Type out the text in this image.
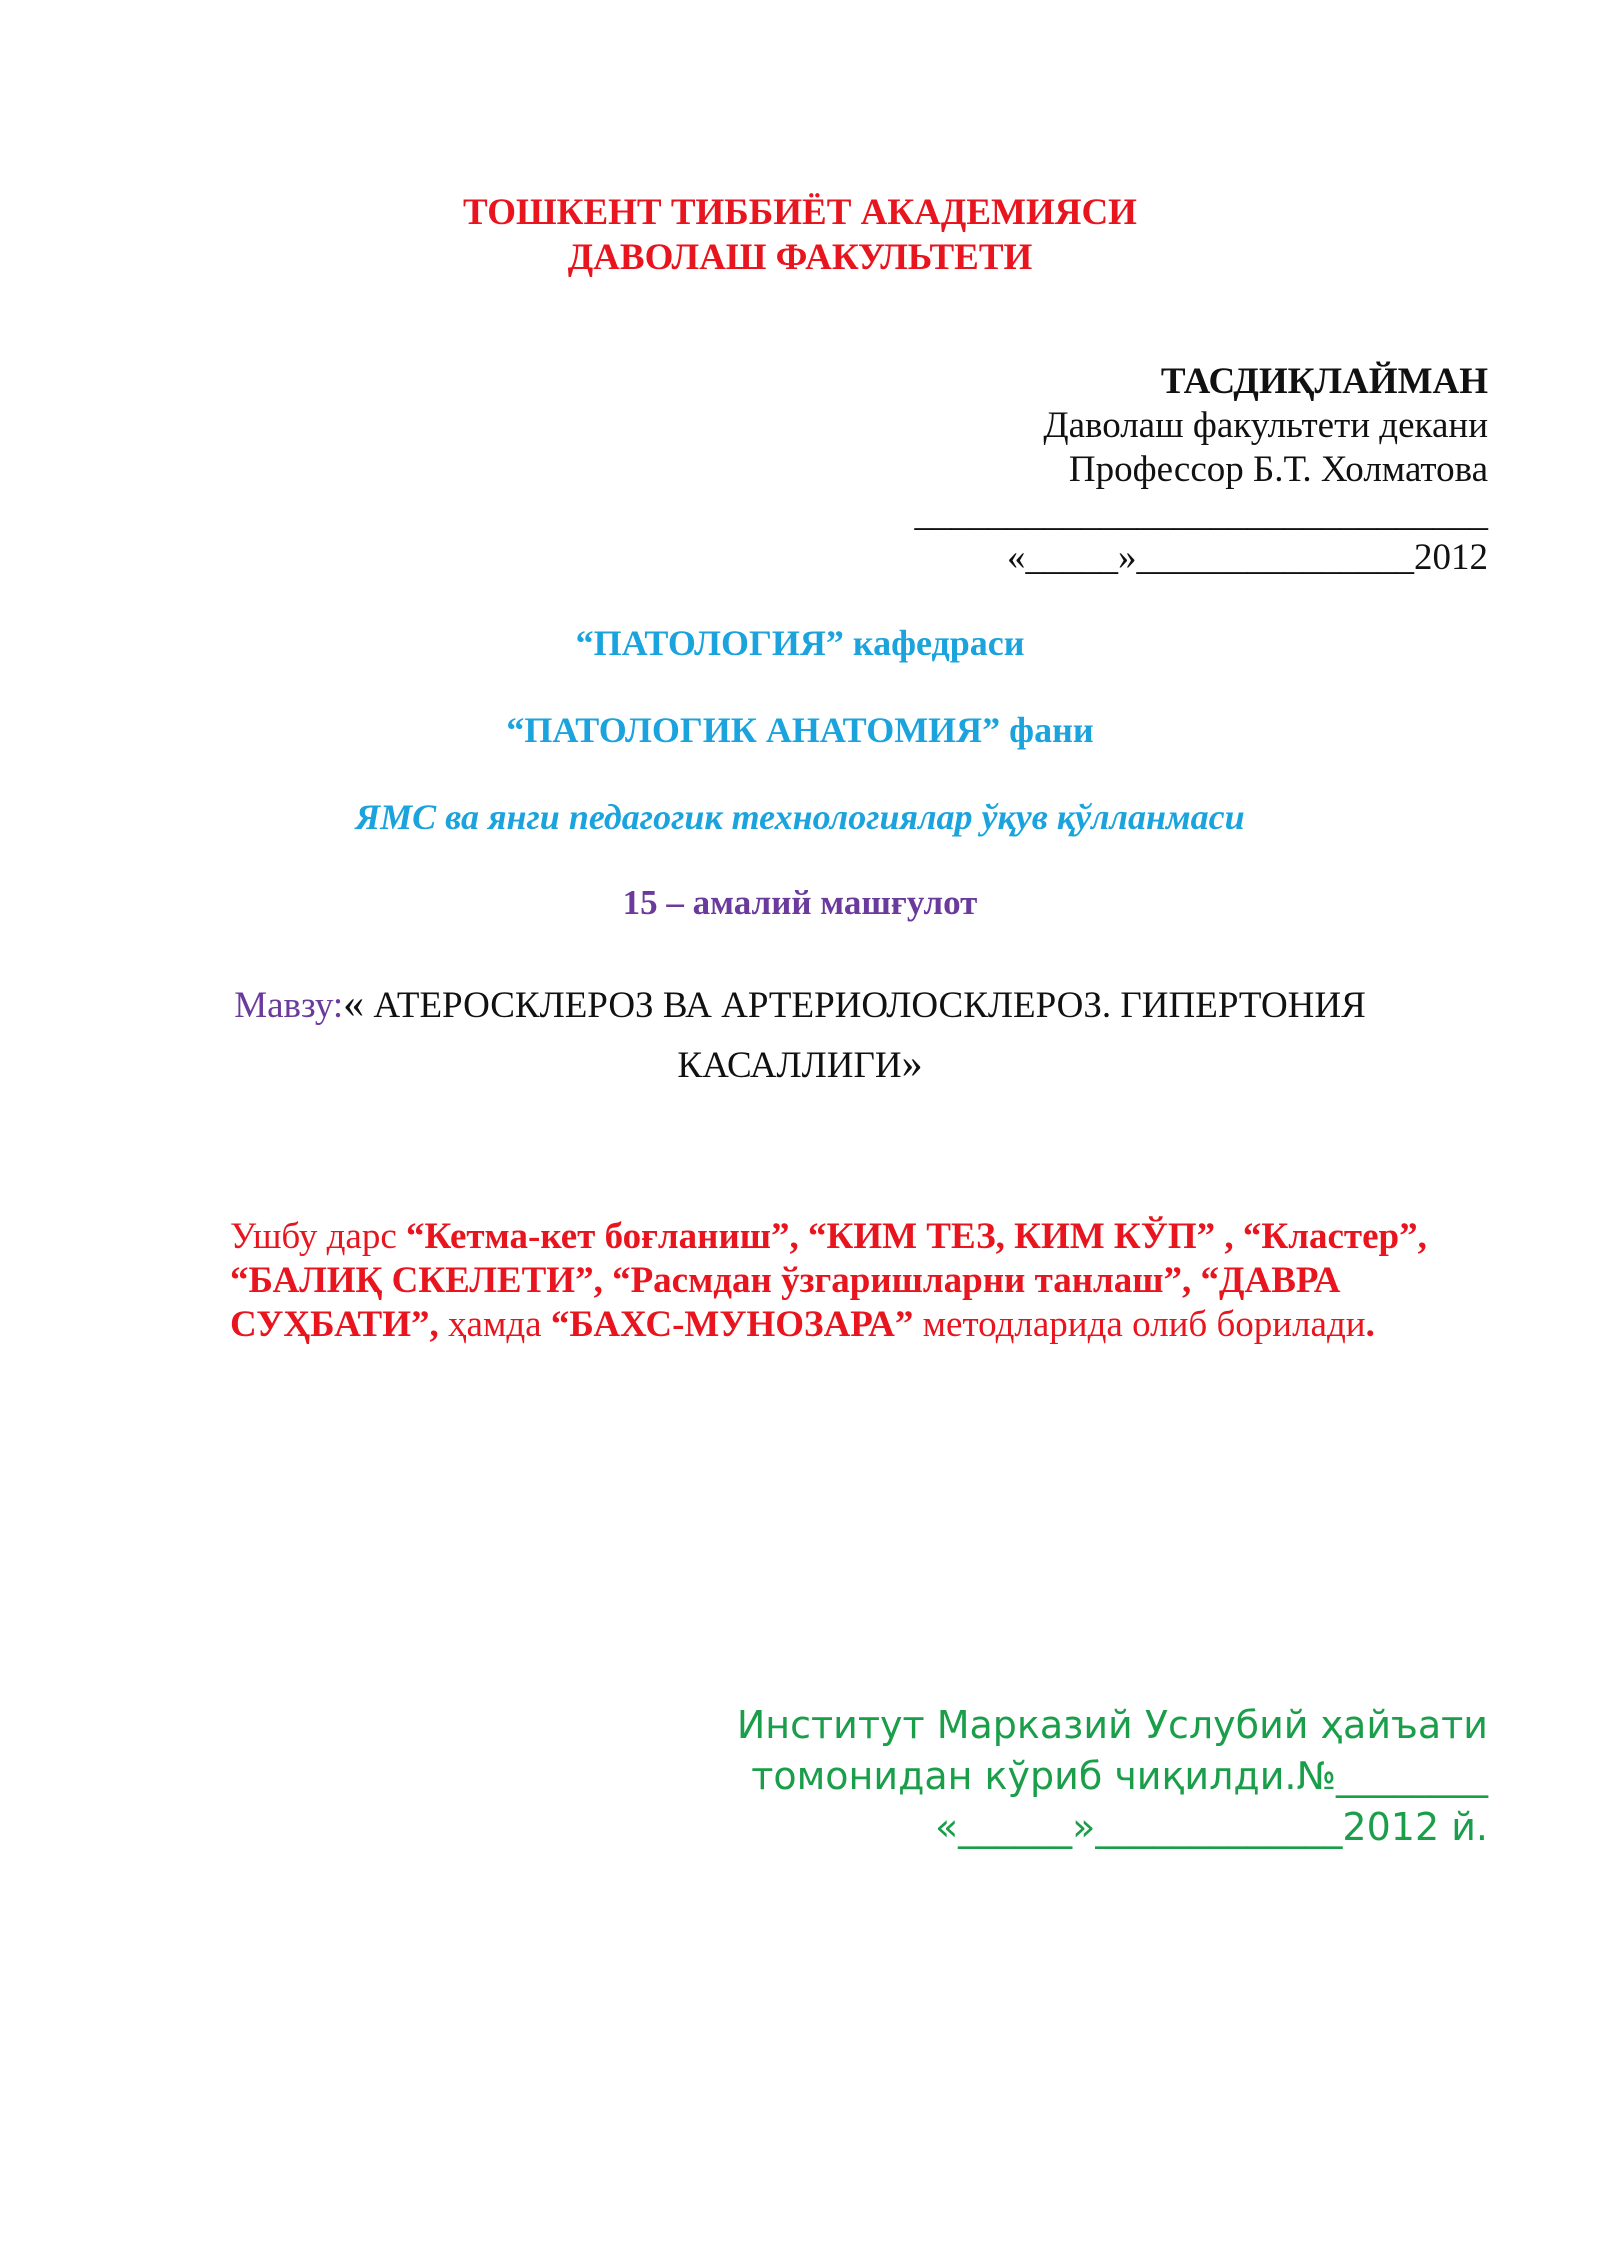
ТОШКЕНТ ТИББИЁТ АКАДЕМИЯСИ
ДАВОЛАШ ФАКУЛЬТЕТИ
ТАСДИҚЛАЙМАН
Даволаш факультети декани
Профессор Б.Т. Холматова
_______________________________
«_____»_______________2012
“ПАТОЛОГИЯ” кафедраси
“ПАТОЛОГИК АНАТОМИЯ” фани
ЯМС ва янги педагогик технологиялар ўқув қўлланмаси
15 – амалий машғулот
Мавзу:« АТЕРОСКЛЕРОЗ ВА АРТЕРИОЛОСКЛЕРОЗ. ГИПЕРТОНИЯ
КАСАЛЛИГИ»
Ушбу дарс “Кетма-кет боғланиш”, “КИМ ТЕЗ, КИМ КЎП” , “Кластер”, “БАЛИҚ СКЕЛЕТИ”, “Расмдан ўзгаришларни танлаш”, “ДАВРА СУҲБАТИ”, ҳамда “БАХС-МУНОЗАРА” методларида олиб борилади.
Институт Марказий Услубий ҳайъати
томонидан кўриб чиқилди.№________
«______»_____________2012 й.
